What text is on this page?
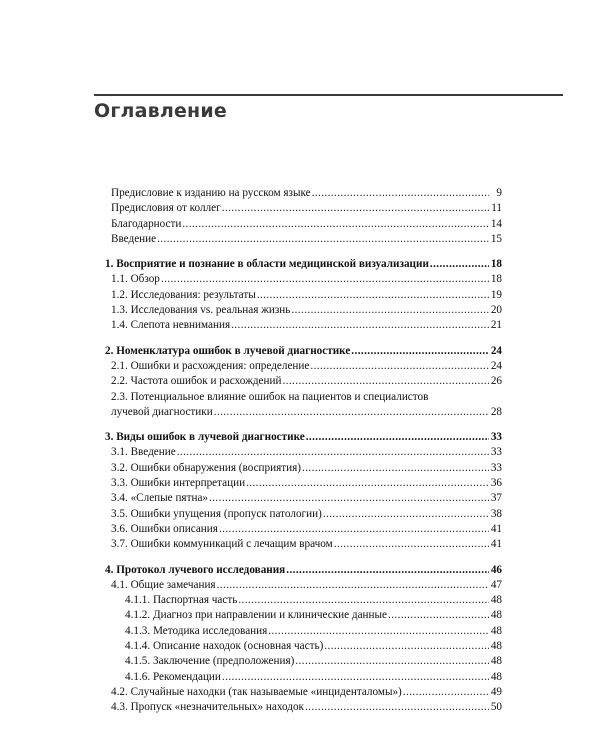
Оглавление
Предисловие к изданию на русском языке .....	9
Предисловия от коллег .....	11
Благодарности .....	14
Введение .....	15
1. Восприятие и познание в области медицинской визуализации .....	18
1.1. Обзор .....	18
1.2. Исследования: результаты .....	19
1.3. Исследования vs. реальная жизнь .....	20
1.4. Слепота невнимания .....	21
2. Номенклатура ошибок в лучевой диагностике .....	24
2.1. Ошибки и расхождения: определение .....	24
2.2. Частота ошибок и расхождений .....	26
2.3. Потенциальное влияние ошибок на пациентов и специалистов
лучевой диагностики .....	28
3. Виды ошибок в лучевой диагностике .....	33
3.1. Введение .....	33
3.2. Ошибки обнаружения (восприятия) .....	33
3.3. Ошибки интерпретации .....	36
3.4. «Слепые пятна» .....	37
3.5. Ошибки упущения (пропуск патологии) .....	38
3.6. Ошибки описания .....	41
3.7. Ошибки коммуникаций с лечащим врачом .....	41
4. Протокол лучевого исследования .....	46
4.1. Общие замечания .....	47
4.1.1. Паспортная часть .....	48
4.1.2. Диагноз при направлении и клинические данные .....	48
4.1.3. Методика исследования .....	48
4.1.4. Описание находок (основная часть) .....	48
4.1.5. Заключение (предположения) .....	48
4.1.6. Рекомендации .....	48
4.2. Случайные находки (так называемые «инциденталомы») .....	49
4.3. Пропуск «незначительных» находок .....	50
